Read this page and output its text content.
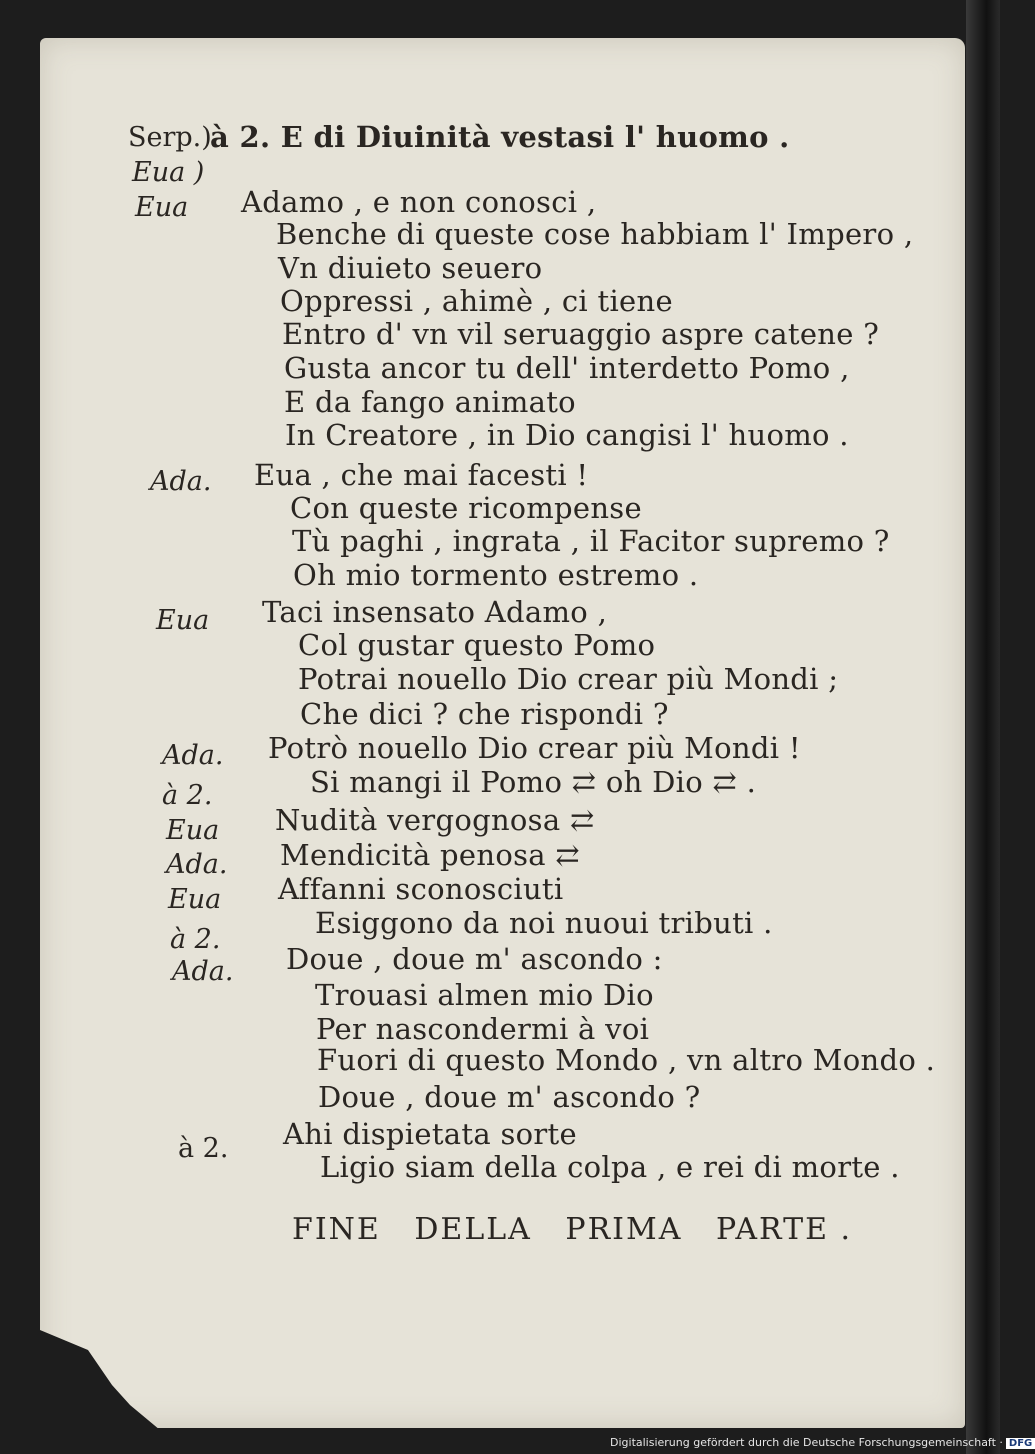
Serp.)
à 2. E di Diuinità vestasi l' huomo .
Eua )
Eua Adamo , e non conosci ,
Benche di queste cose habbiam l' Impero ,
Vn diuieto seuero
Oppressi , ahimè , ci tiene
Entro d' vn vil seruaggio aspre catene ?
Gusta ancor tu dell' interdetto Pomo ,
E da fango animato
In Creatore , in Dio cangisi l' huomo .
Ada. Eua , che mai facesti !
Con queste ricompense
Tù paghi , ingrata , il Facitor supremo ?
Oh mio tormento estremo .
Eua Taci insensato Adamo ,
Col gustar questo Pomo
Potrai nouello Dio crear più Mondi ;
Che dici ? che rispondi ?
Ada. Potrò nouello Dio crear più Mondi !
à 2.	Si mangi il Pomo ⇄ oh Dio ⇄ .
Eua Nudità vergognosa ⇄
Ada. Mendicità penosa ⇄
Eua Affanni sconosciuti
à 2.	Esiggono da noi nuoui tributi .
Ada. Doue , doue m' ascondo :
Trouasi almen mio Dio
Per nascondermi à voi
Fuori di questo Mondo , vn altro Mondo .
Doue , doue m' ascondo ?
à 2. Ahi dispietata sorte
Ligio siam della colpa , e rei di morte .
FINE DELLA PRIMA PARTE .
Digitalisierung gefördert durch die Deutsche Forschungsgemeinschaft · DFG
